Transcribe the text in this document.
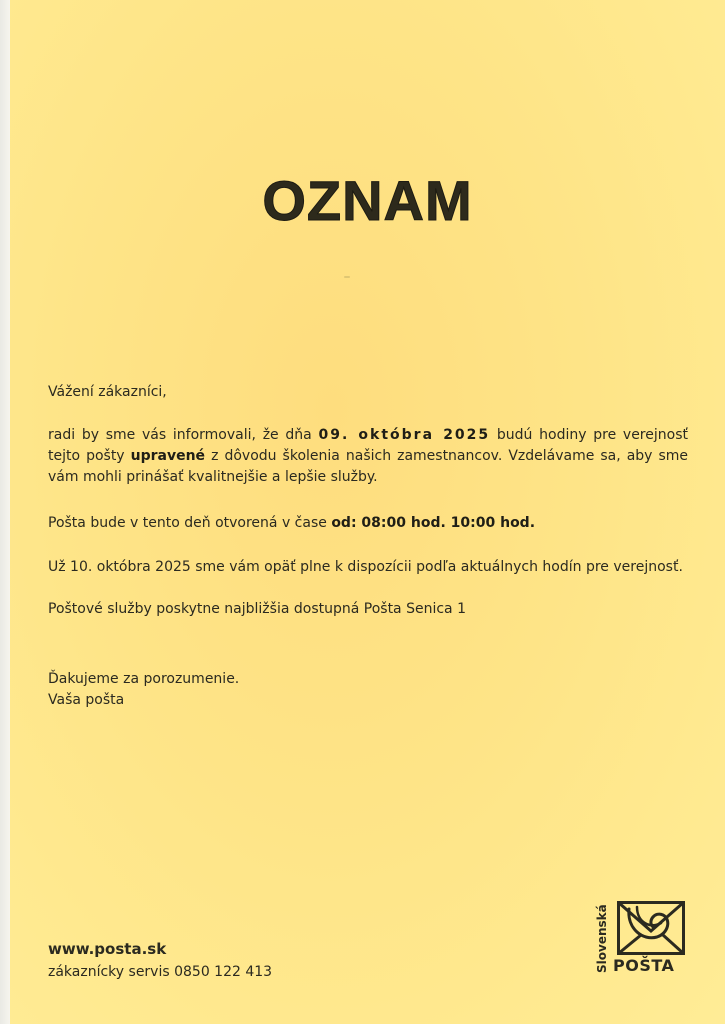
OZNAM

Vážení zákazníci,

radi by sme vás informovali, že dňa 09. októbra 2025 budú hodiny pre verejnosť tejto pošty upravené z dôvodu školenia našich zamestnancov. Vzdelávame sa, aby sme vám mohli prinášať kvalitnejšie a lepšie služby.

Pošta bude v tento deň otvorená v čase od: 08:00 hod. 10:00 hod.

Už 10. októbra 2025 sme vám opäť plne k dispozícii podľa aktuálnych hodín pre verejnosť.

Poštové služby poskytne najbližšia dostupná Pošta Senica 1

Ďakujeme za porozumenie.

Vaša pošta

www.posta.sk
zákaznícky servis 0850 122 413	Slovenská POŠTA
